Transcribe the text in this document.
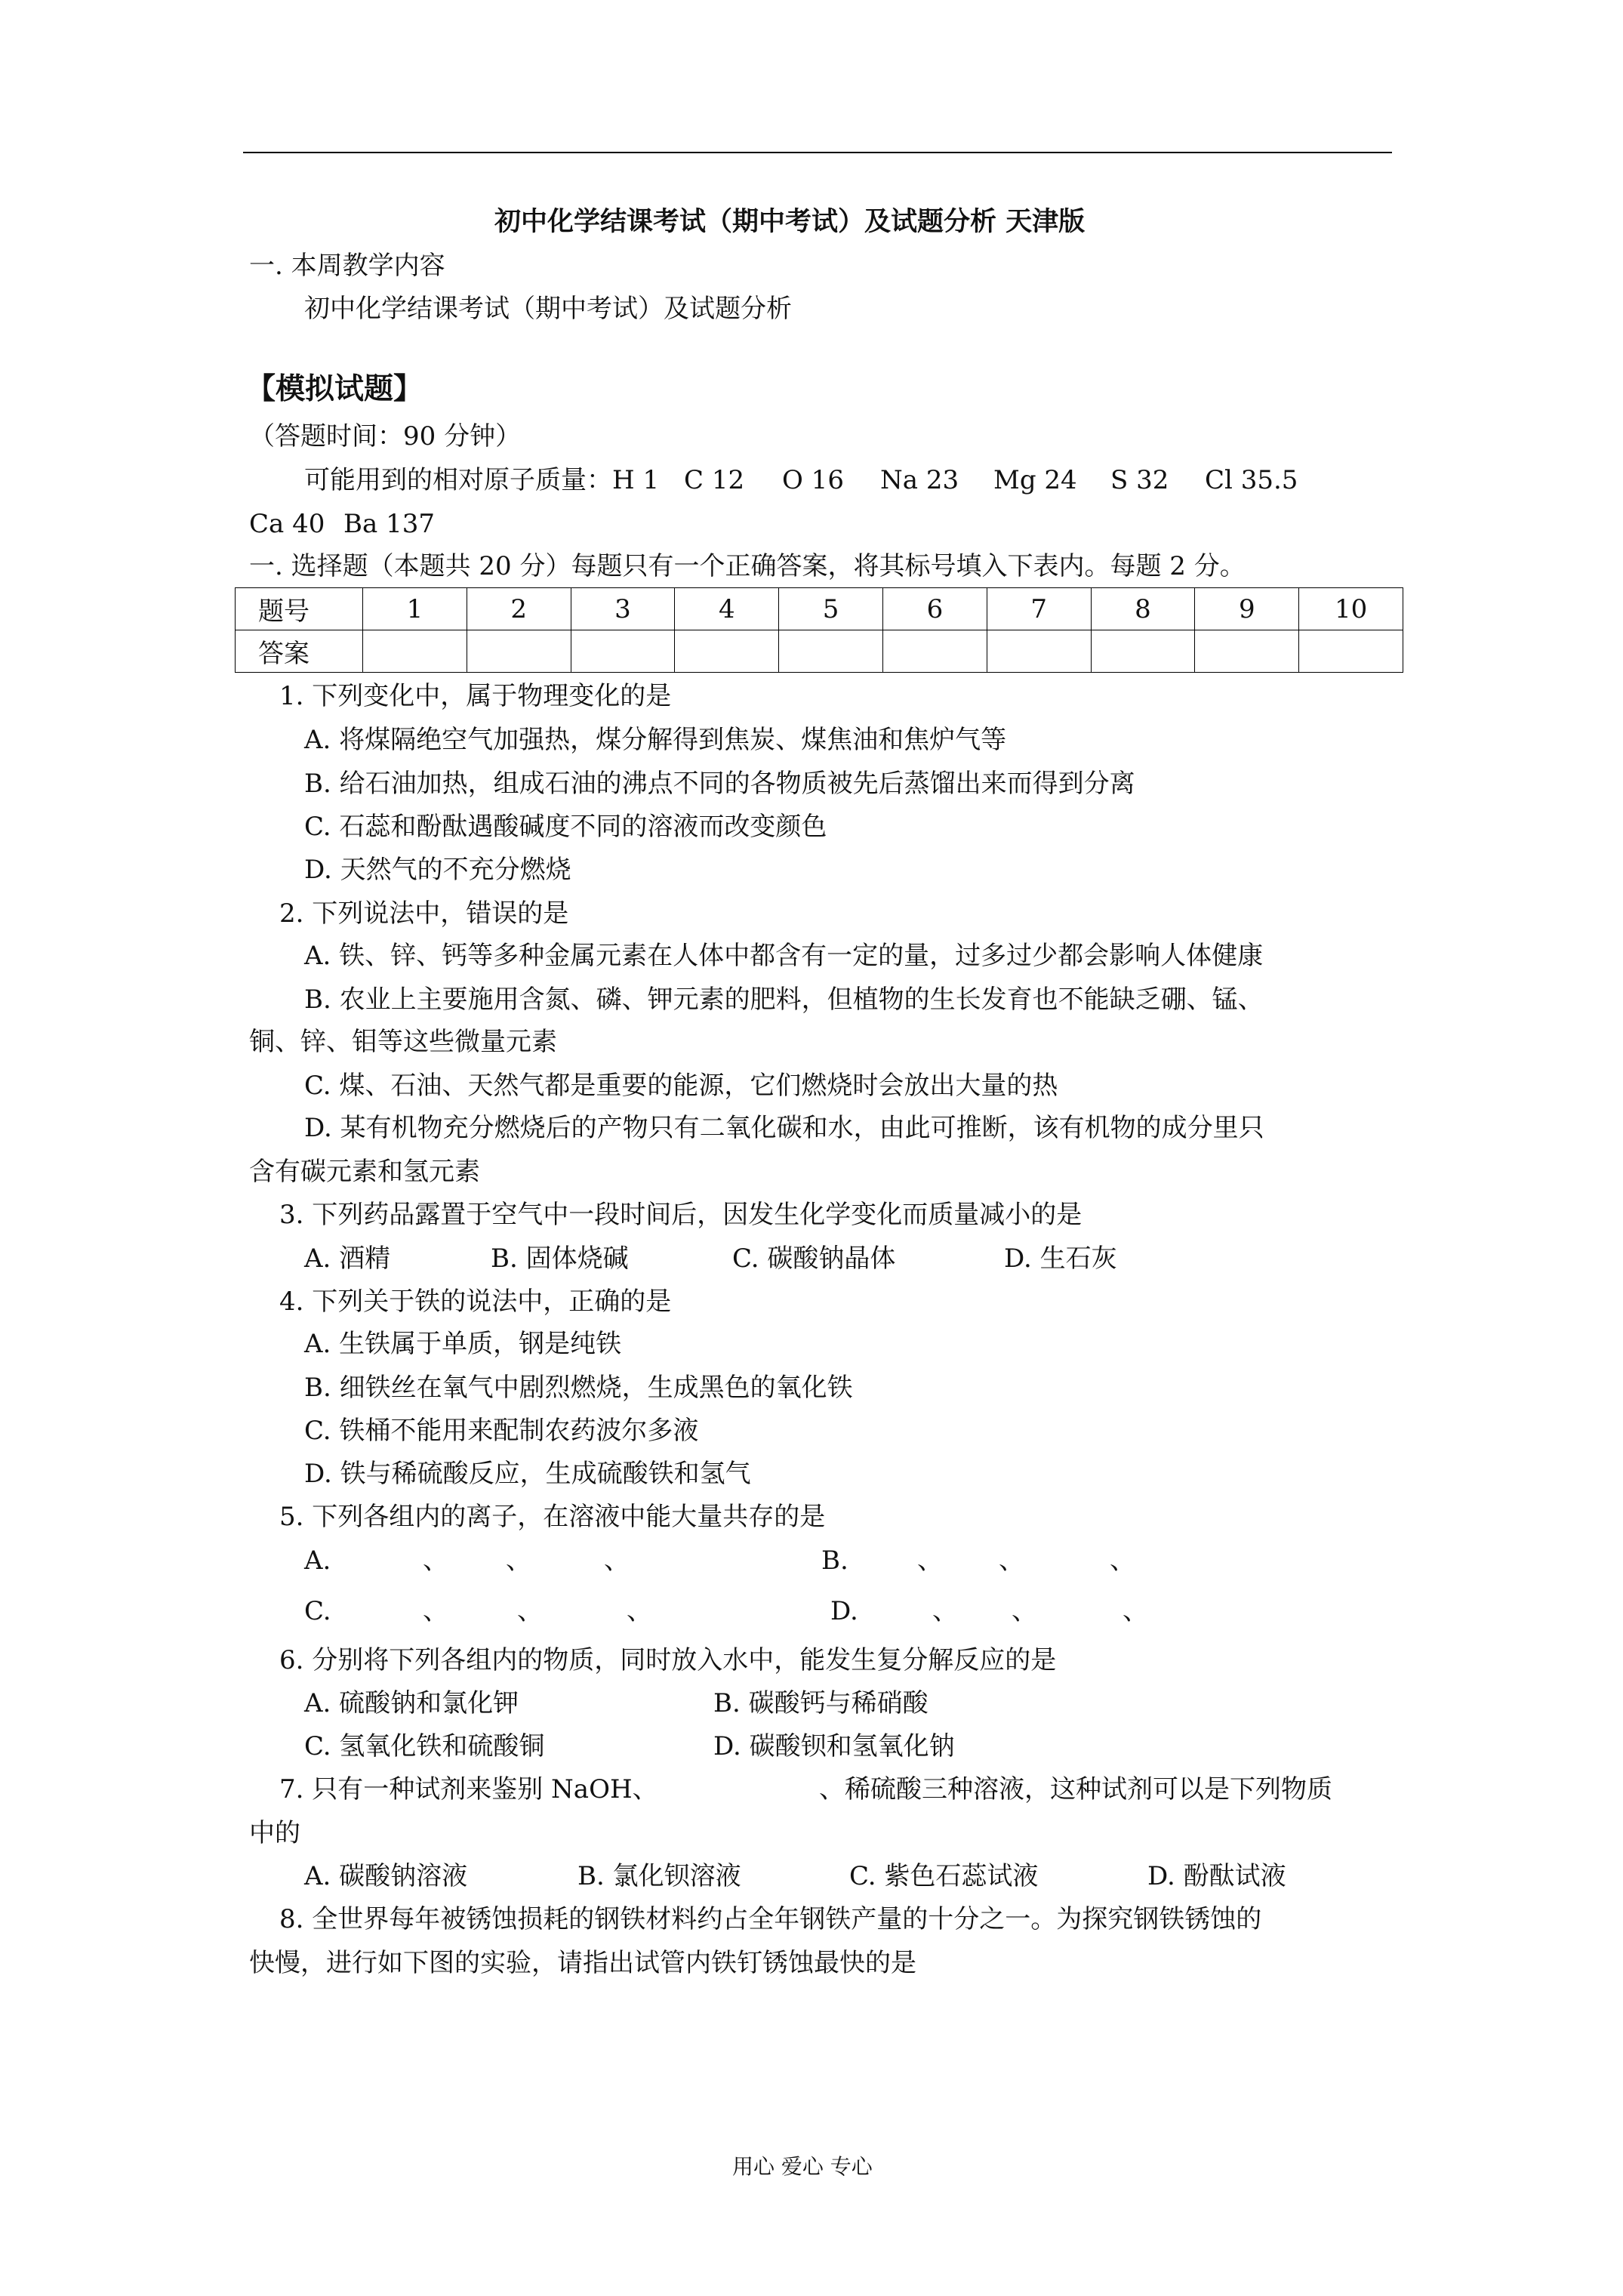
初中化学结课考试（期中考试）及试题分析 天津版
一. 本周教学内容
初中化学结课考试（期中考试）及试题分析
【模拟试题】
（答题时间：90 分钟）
可能用到的相对原子质量：H 1 C 12 O 16 Na 23 Mg 24 S 32 Cl 35.5
Ca 40 Ba 137
一. 选择题（本题共 20 分）每题只有一个正确答案，将其标号填入下表内。每题 2 分。
题号	1	2	3	4	5	6	7	8	9	10
答案										
1. 下列变化中，属于物理变化的是
A. 将煤隔绝空气加强热，煤分解得到焦炭、煤焦油和焦炉气等
B. 给石油加热，组成石油的沸点不同的各物质被先后蒸馏出来而得到分离
C. 石蕊和酚酞遇酸碱度不同的溶液而改变颜色
D. 天然气的不充分燃烧
2. 下列说法中，错误的是
A. 铁、锌、钙等多种金属元素在人体中都含有一定的量，过多过少都会影响人体健康
B. 农业上主要施用含氮、磷、钾元素的肥料，但植物的生长发育也不能缺乏硼、锰、
铜、锌、钼等这些微量元素
C. 煤、石油、天然气都是重要的能源，它们燃烧时会放出大量的热
D. 某有机物充分燃烧后的产物只有二氧化碳和水，由此可推断，该有机物的成分里只
含有碳元素和氢元素
3. 下列药品露置于空气中一段时间后，因发生化学变化而质量减小的是
A. 酒精	B. 固体烧碱	C. 碳酸钠晶体	D. 生石灰
4. 下列关于铁的说法中，正确的是
A. 生铁属于单质，钢是纯铁
B. 细铁丝在氧气中剧烈燃烧，生成黑色的氧化铁
C. 铁桶不能用来配制农药波尔多液
D. 铁与稀硫酸反应，生成硫酸铁和氢气
5. 下列各组内的离子，在溶液中能大量共存的是
A.	、 、	、	B.	、 、	、
C.	、	、	、	D.	、 、	、
6. 分别将下列各组内的物质，同时放入水中，能发生复分解反应的是
A. 硫酸钠和氯化钾	B. 碳酸钙与稀硝酸
C. 氢氧化铁和硫酸铜	D. 碳酸钡和氢氧化钠
7. 只有一种试剂来鉴别 NaOH、	、稀硫酸三种溶液，这种试剂可以是下列物质
中的
A. 碳酸钠溶液	B. 氯化钡溶液	C. 紫色石蕊试液	D. 酚酞试液
8. 全世界每年被锈蚀损耗的钢铁材料约占全年钢铁产量的十分之一。为探究钢铁锈蚀的
快慢，进行如下图的实验，请指出试管内铁钉锈蚀最快的是
用心 爱心 专心
